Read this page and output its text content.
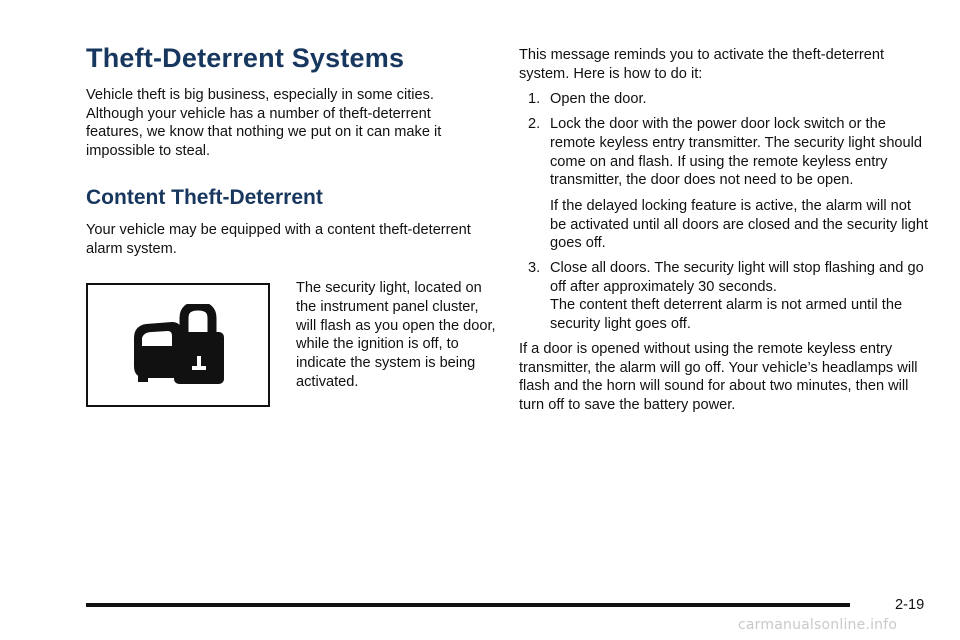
Theft-Deterrent Systems

Vehicle theft is big business, especially in some cities. Although your vehicle has a number of theft-deterrent features, we know that nothing we put on it can make it impossible to steal.

Content Theft-Deterrent

Your vehicle may be equipped with a content theft-deterrent alarm system.

The security light, located on the instrument panel cluster, will flash as you open the door, while the ignition is off, to indicate the system is being activated.

This message reminds you to activate the theft-deterrent system. Here is how to do it:

1. Open the door.

2. Lock the door with the power door lock switch or the remote keyless entry transmitter. The security light should come on and flash. If using the remote keyless entry transmitter, the door does not need to be open.

If the delayed locking feature is active, the alarm will not be activated until all doors are closed and the security light goes off.

3. Close all doors. The security light will stop flashing and go off after approximately 30 seconds.

The content theft deterrent alarm is not armed until the security light goes off.

If a door is opened without using the remote keyless entry transmitter, the alarm will go off. Your vehicle’s headlamps will flash and the horn will sound for about two minutes, then will turn off to save the battery power.

2-19
carmanualsonline.info
